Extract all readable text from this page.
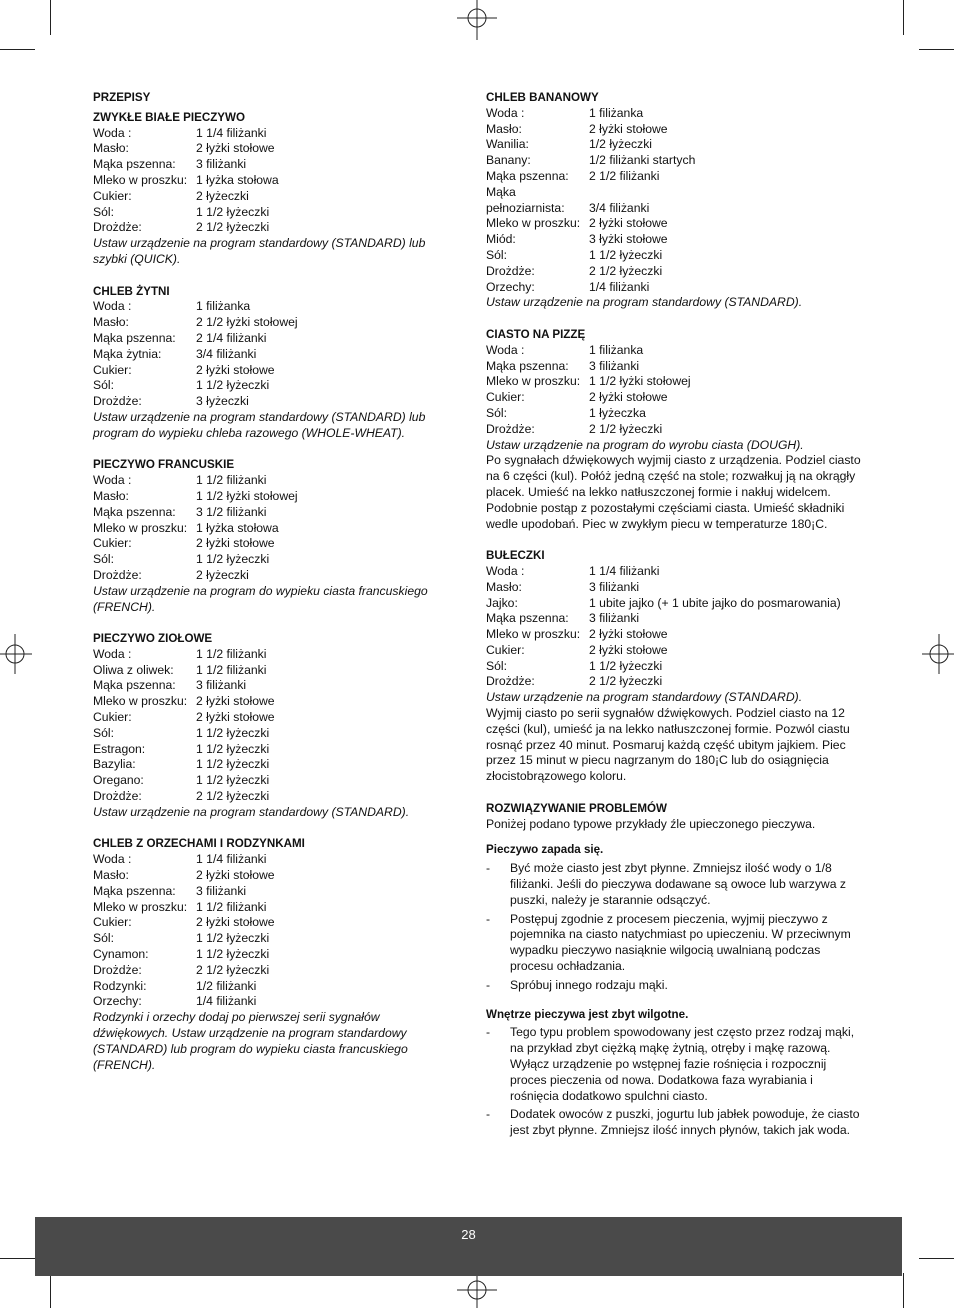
PRZEPISY
ZWYKŁE BIAŁE PIECZYWO
Woda :	1 1/4 filiżanki
Masło:	2 łyżki stołowe
Mąka pszenna:	3 filiżanki
Mleko w proszku: 1 łyżka stołowa
Cukier:	2 łyżeczki
Sól:	1 1/2 łyżeczki
Drożdże:	2 1/2 łyżeczki
Ustaw urządzenie na program standardowy (STANDARD) lub szybki (QUICK).
CHLEB ŻYTNI
Woda :	1 filiżanka
Masło:	2 1/2 łyżki stołowej
Mąka pszenna:	2 1/4 filiżanki
Mąka żytnia:	3/4 filiżanki
Cukier:	2 łyżki stołowe
Sól:	1 1/2 łyżeczki
Drożdże:	3 łyżeczki
Ustaw urządzenie na program standardowy (STANDARD) lub program do wypieku chleba razowego (WHOLE-WHEAT).
PIECZYWO FRANCUSKIE
Woda :	1 1/2 filiżanki
Masło:	1 1/2 łyżki stołowej
Mąka pszenna:	3 1/2 filiżanki
Mleko w proszku: 1 łyżka stołowa
Cukier:	2 łyżki stołowe
Sól:	1 1/2 łyżeczki
Drożdże:	2 łyżeczki
Ustaw urządzenie na program do wypieku ciasta francuskiego (FRENCH).
PIECZYWO ZIOŁOWE
Woda :	1 1/2 filiżanki
Oliwa z oliwek:	1 1/2 filiżanki
Mąka pszenna:	3 filiżanki
Mleko w proszku: 2 łyżki stołowe
Cukier:	2 łyżki stołowe
Sól:	1 1/2 łyżeczki
Estragon:	1 1/2 łyżeczki
Bazylia:	1 1/2 łyżeczki
Oregano:	1 1/2 łyżeczki
Drożdże:	2 1/2 łyżeczki
Ustaw urządzenie na program standardowy (STANDARD).
CHLEB Z ORZECHAMI I RODZYNKAMI
Woda :	1 1/4 filiżanki
Masło:	2 łyżki stołowe
Mąka pszenna:	3 filiżanki
Mleko w proszku: 1 1/2 filiżanki
Cukier:	2 łyżki stołowe
Sól:	1 1/2 łyżeczki
Cynamon:	1 1/2 łyżeczki
Drożdże:	2 1/2 łyżeczki
Rodzynki:	1/2 filiżanki
Orzechy:	1/4 filiżanki
Rodzynki i orzechy dodaj po pierwszej serii sygnałów dźwiękowych. Ustaw urządzenie na program standardowy (STANDARD) lub program do wypieku ciasta francuskiego (FRENCH).
CHLEB BANANOWY
Woda :	1 filiżanka
Masło:	2 łyżki stołowe
Wanilia:	1/2 łyżeczki
Banany:	1/2 filiżanki startych
Mąka pszenna:	2 1/2 filiżanki
Mąka
pełnoziarnista:	3/4 filiżanki
Mleko w proszku: 2 łyżki stołowe
Miód:	3 łyżki stołowe
Sól:	1 1/2 łyżeczki
Drożdże:	2 1/2 łyżeczki
Orzechy:	1/4 filiżanki
Ustaw urządzenie na program standardowy (STANDARD).
CIASTO NA PIZZĘ
Woda :	1 filiżanka
Mąka pszenna:	3 filiżanki
Mleko w proszku: 1 1/2 łyżki stołowej
Cukier:	2 łyżki stołowe
Sól:	1 łyżeczka
Drożdże:	2 1/2 łyżeczki
Ustaw urządzenie na program do wyrobu ciasta (DOUGH).
Po sygnałach dźwiękowych wyjmij ciasto z urządzenia. Podziel ciasto na 6 części (kul). Połóż jedną część na stole; rozwałkuj ją na okrągły placek. Umieść na lekko natłuszczonej formie i nakłuj widelcem. Podobnie postąp z pozostałymi częściami ciasta. Umieść składniki wedle upodobań. Piec w zwykłym piecu w temperaturze 180¡C.
BUŁECZKI
Woda :	1 1/4 filiżanki
Masło:	3 filiżanki
Jajko:	1 ubite jajko (+ 1 ubite jajko do posmarowania)
Mąka pszenna:	3 filiżanki
Mleko w proszku: 2 łyżki stołowe
Cukier:	2 łyżki stołowe
Sól:	1 1/2 łyżeczki
Drożdże:	2 1/2 łyżeczki
Ustaw urządzenie na program standardowy (STANDARD).
Wyjmij ciasto po serii sygnałów dźwiękowych. Podziel ciasto na 12 części (kul), umieść ja na lekko natłuszczonej formie. Pozwól ciastu rosnąć przez 40 minut. Posmaruj każdą część ubitym jajkiem. Piec przez 15 minut w piecu nagrzanym do 180¡C lub do osiągnięcia złocistobrązowego koloru.
ROZWIĄZYWANIE PROBLEMÓW
Poniżej podano typowe przykłady źle upieczonego pieczywa.
Pieczywo zapada się.
-	Być może ciasto jest zbyt płynne. Zmniejsz ilość wody o 1/8 filiżanki. Jeśli do pieczywa dodawane są owoce lub warzywa z puszki, należy je starannie odsączyć.
-	Postępuj zgodnie z procesem pieczenia, wyjmij pieczywo z pojemnika na ciasto natychmiast po upieczeniu. W przeciwnym wypadku pieczywo nasiąknie wilgocią uwalnianą podczas procesu ochładzania.
-	Spróbuj innego rodzaju mąki.
Wnętrze pieczywa jest zbyt wilgotne.
-	Tego typu problem spowodowany jest często przez rodzaj mąki, na przykład zbyt ciężką mąkę żytnią, otręby i mąkę razową. Wyłącz urządzenie po wstępnej fazie rośnięcia i rozpocznij proces pieczenia od nowa. Dodatkowa faza wyrabiania i rośnięcia dodatkowo spulchni ciasto.
-	Dodatek owoców z puszki, jogurtu lub jabłek powoduje, że ciasto jest zbyt płynne. Zmniejsz ilość innych płynów, takich jak woda.
28
